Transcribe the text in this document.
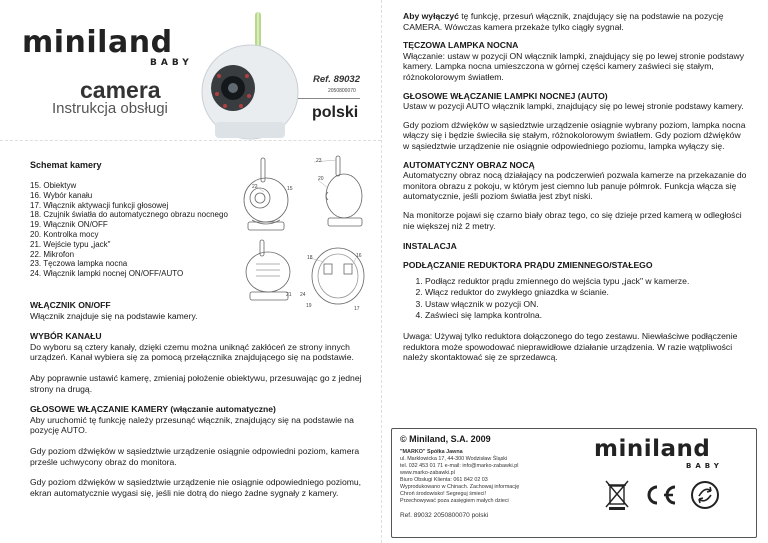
miniland
BABY
camera
Instrukcja obsługi
Ref. 89032
2050800070
polski
Schemat kamery
15. Obiektyw
16. Wybór kanału
17. Włącznik aktywacji funkcji głosowej
18. Czujnik światła do automatycznego obrazu nocnego
19. Włącznik ON/OFF
20. Kontrolka mocy
21. Wejście typu „jack"
22. Mikrofon
23. Tęczowa lampka nocna
24. Włącznik lampki nocnej ON/OFF/AUTO
23
20
22	15
18	16
21 24
19	17
WŁĄCZNIK ON/OFF
Włącznik znajduje się na podstawie kamery.
WYBÓR KANAŁU
Do wyboru są cztery kanały, dzięki czemu można uniknąć zakłóceń ze strony innych urządzeń. Kanał wybiera się za pomocą przełącznika znajdującego się na podstawie.
Aby poprawnie ustawić kamerę, zmieniaj położenie obiektywu, przesuwając go z jednej strony na drugą.
GŁOSOWE WŁĄCZANIE KAMERY (włączanie automatyczne)
Aby uruchomić tę funkcję należy przesunąć włącznik, znajdujący się na podstawie na pozycję AUTO.
Gdy poziom dźwięków w sąsiedztwie urządzenie osiągnie odpowiedni poziom, kamera prześle uchwycony obraz do monitora.
Gdy poziom dźwięków w sąsiedztwie urządzenie nie osiągnie odpowiedniego poziomu, ekran automatycznie wygasi się, jeśli nie dotrą do niego żadne sygnały z kamery.
Aby wyłączyć tę funkcję, przesuń włącznik, znajdujący się na podstawie na pozycję CAMERA. Wówczas kamera przekaże tylko ciągły sygnał.
TĘCZOWA LAMPKA NOCNA
Włączanie: ustaw w pozycji ON włącznik lampki, znajdujący się po lewej stronie podstawy kamery. Lampka nocna umieszczona w górnej części kamery zaświeci się stałym, różnokolorowym światłem.
GŁOSOWE WŁĄCZANIE LAMPKI NOCNEJ (AUTO)
Ustaw w pozycji AUTO włącznik lampki, znajdujący się po lewej stronie podstawy kamery.
Gdy poziom dźwięków w sąsiedztwie urządzenie osiągnie wybrany poziom, lampka nocna włączy się i będzie świeciła się stałym, różnokolorowym światłem. Gdy poziom dźwięków w sąsiedztwie urządzenie nie osiągnie odpowiedniego poziomu, lampka wyłączy się.
AUTOMATYCZNY OBRAZ NOCĄ
Automatyczny obraz nocą działający na podczerwień pozwala kamerze na przekazanie do monitora obrazu z pokoju, w którym jest ciemno lub panuje półmrok. Funkcja włącza się automatycznie, jeśli poziom światła jest zbyt niski.
Na monitorze pojawi się czarno biały obraz tego, co się dzieje przed kamerą w odległości nie większej niż 2 metry.
INSTALACJA
PODŁĄCZANIE REDUKTORA PRĄDU ZMIENNEGO/STAŁEGO
1. Podłącz reduktor prądu zmiennego do wejścia typu „jack" w kamerze.
2. Włącz reduktor do zwykłego gniazdka w ścianie.
3. Ustaw włącznik w pozycji ON.
4. Zaświeci się lampka kontrolna.
Uwaga: Używaj tylko reduktora dołączonego do tego zestawu. Niewłaściwe podłączenie reduktora może spowodować nieprawidłowe działanie urządzenia. W razie wątpliwości należy skontaktować się ze sprzedawcą.
© Miniland, S.A. 2009
"MARKO" Spółka Jawna
ul. Marklowicka 17, 44-300 Wodzisław Śląski
tel. 032 453 01 71 e-mail: info@marko-zabawki.pl
www.marko-zabawki.pl
Biuro Obsługi Klienta: 061 842 02 03
Wyprodukowano w Chinach. Zachowaj informację
Chroń środowisko! Segreguj śmieci!
Przechowywać poza zasięgiem małych dzieci
Ref. 89032 2050800070 polski
miniland
BABY
